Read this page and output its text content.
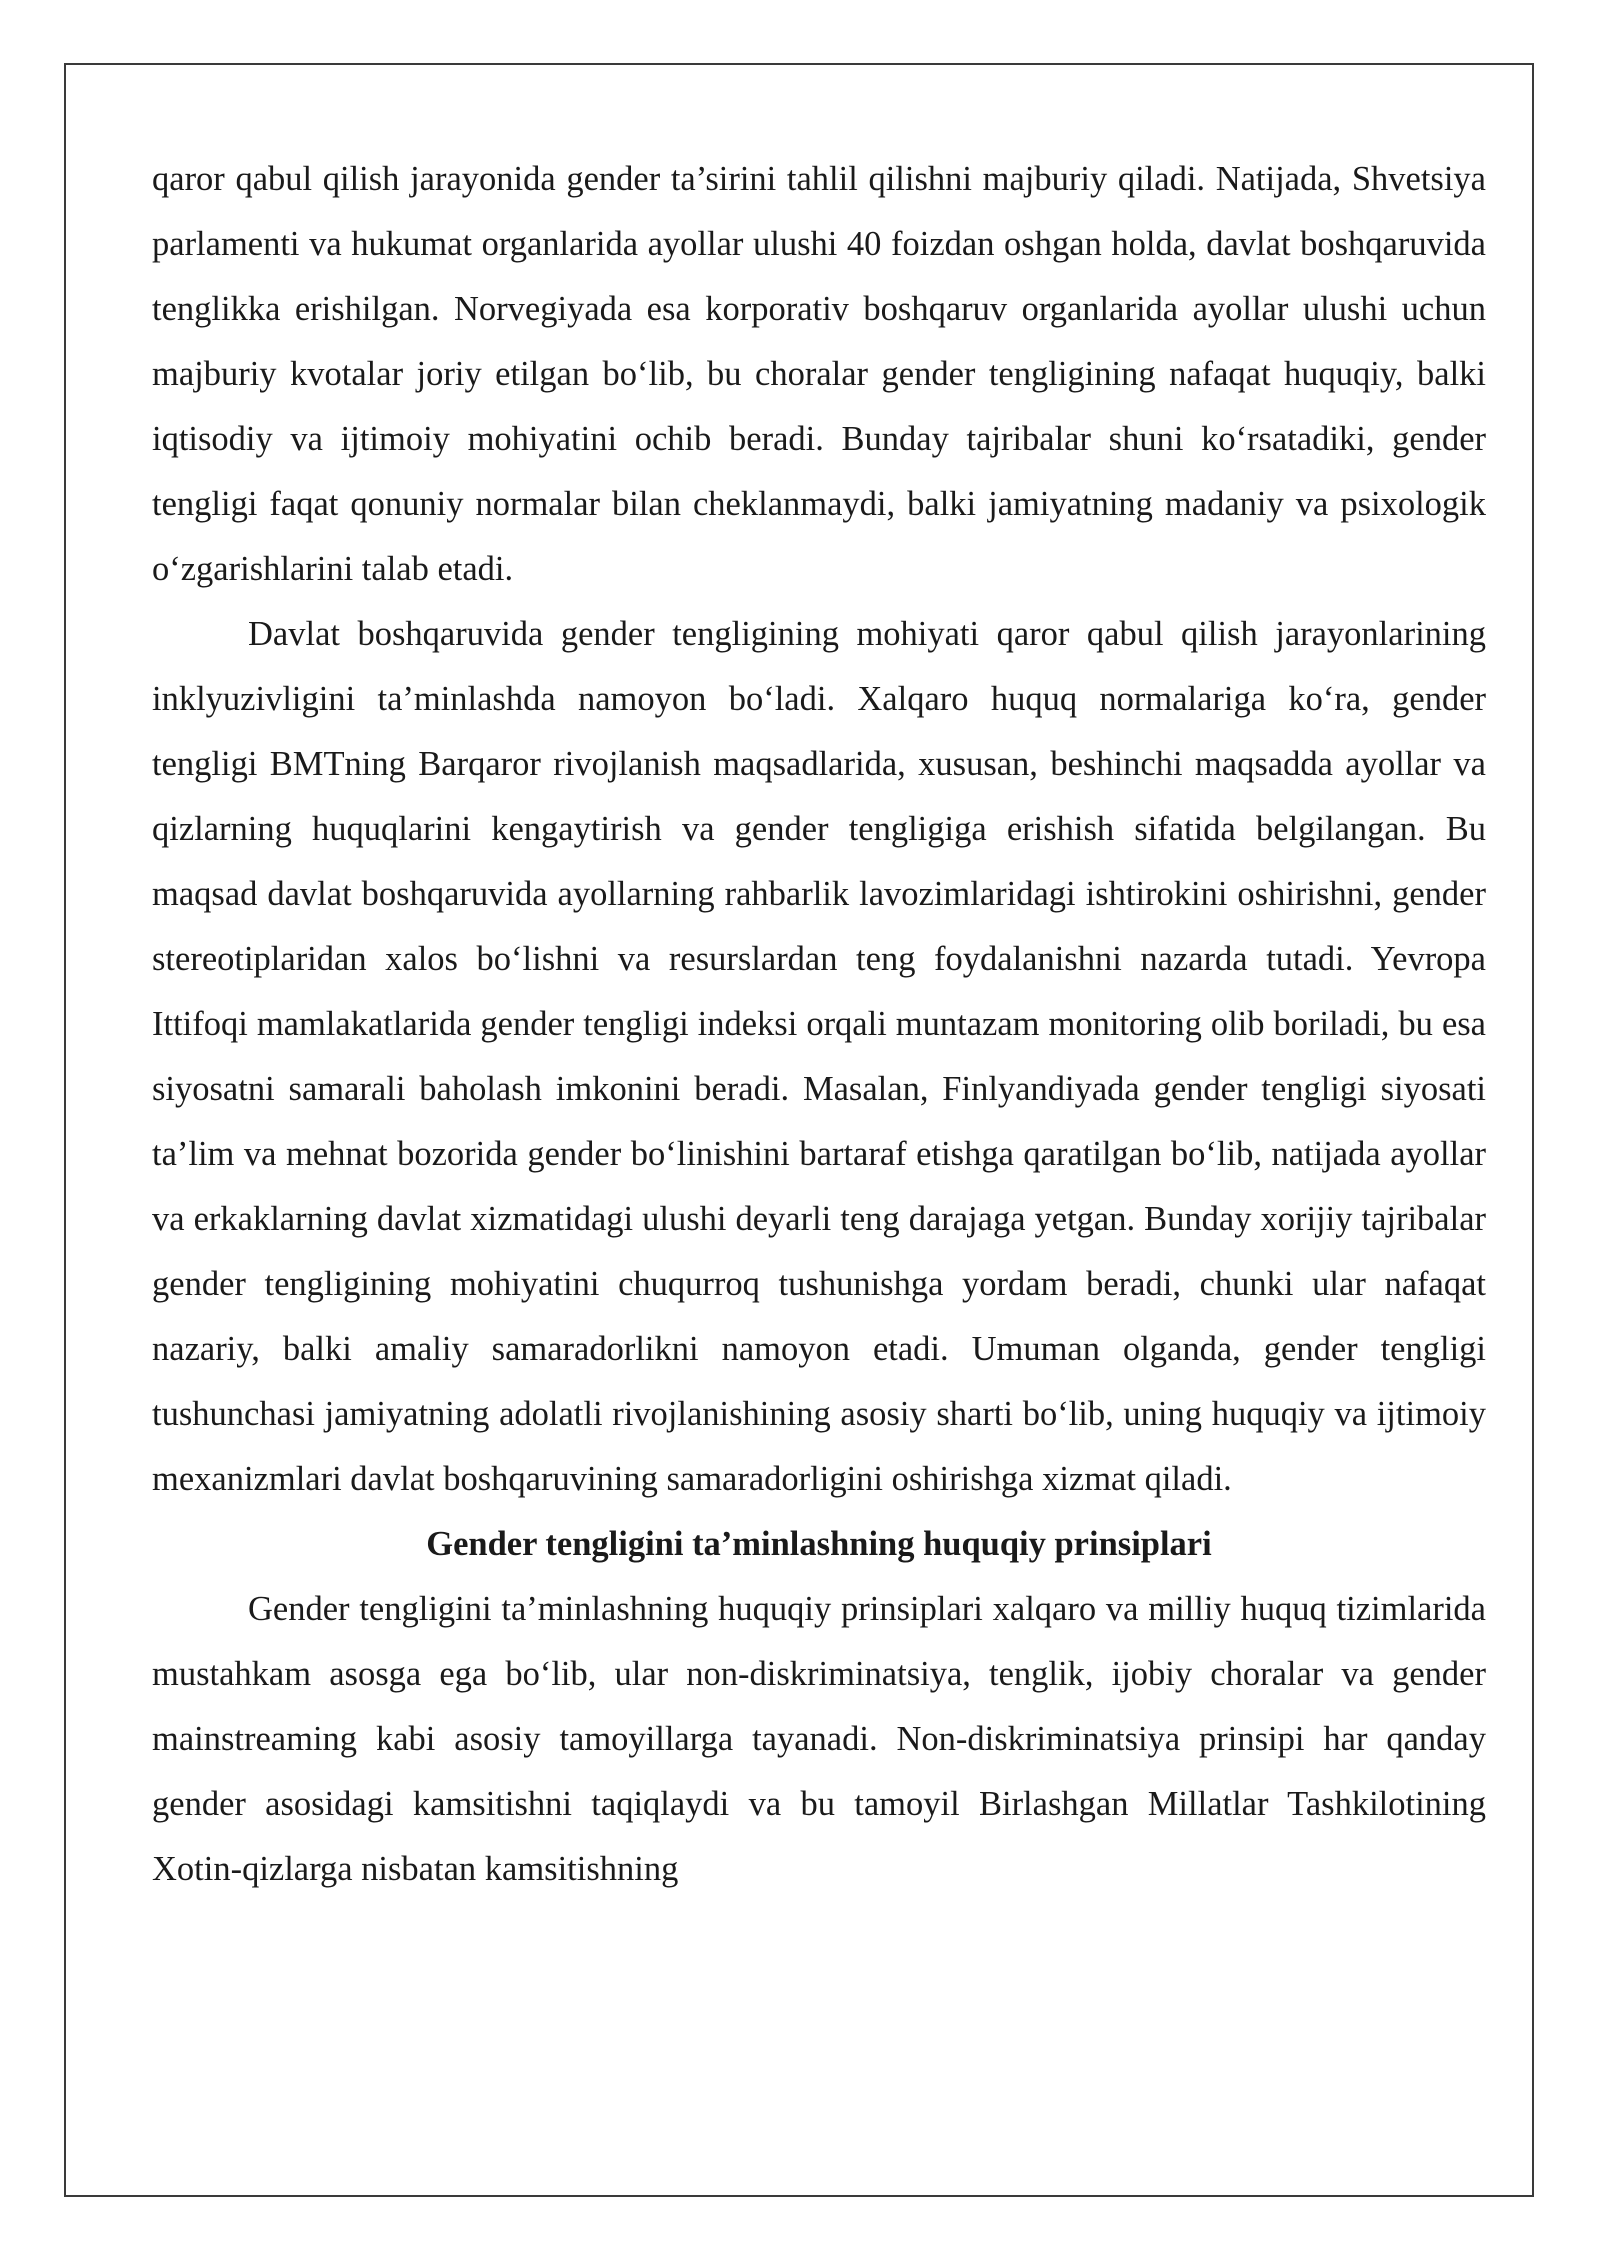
qaror qabul qilish jarayonida gender ta’sirini tahlil qilishni majburiy qiladi. Natijada, Shvetsiya parlamenti va hukumat organlarida ayollar ulushi 40 foizdan oshgan holda, davlat boshqaruvida tenglikka erishilgan. Norvegiyada esa korporativ boshqaruv organlarida ayollar ulushi uchun majburiy kvotalar joriy etilgan bo‘lib, bu choralar gender tengligining nafaqat huquqiy, balki iqtisodiy va ijtimoiy mohiyatini ochib beradi. Bunday tajribalar shuni ko‘rsatadiki, gender tengligi faqat qonuniy normalar bilan cheklanmaydi, balki jamiyatning madaniy va psixologik o‘zgarishlarini talab etadi.

Davlat boshqaruvida gender tengligining mohiyati qaror qabul qilish jarayonlarining inklyuzivligini ta’minlashda namoyon bo‘ladi. Xalqaro huquq normalariga ko‘ra, gender tengligi BMTning Barqaror rivojlanish maqsadlarida, xususan, beshinchi maqsadda ayollar va qizlarning huquqlarini kengaytirish va gender tengligiga erishish sifatida belgilangan. Bu maqsad davlat boshqaruvida ayollarning rahbarlik lavozimlaridagi ishtirokini oshirishni, gender stereotiplaridan xalos bo‘lishni va resurslardan teng foydalanishni nazarda tutadi. Yevropa Ittifoqi mamlakatlarida gender tengligi indeksi orqali muntazam monitoring olib boriladi, bu esa siyosatni samarali baholash imkonini beradi. Masalan, Finlyandiyada gender tengligi siyosati ta’lim va mehnat bozorida gender bo‘linishini bartaraf etishga qaratilgan bo‘lib, natijada ayollar va erkaklarning davlat xizmatidagi ulushi deyarli teng darajaga yetgan. Bunday xorijiy tajribalar gender tengligining mohiyatini chuqurroq tushunishga yordam beradi, chunki ular nafaqat nazariy, balki amaliy samaradorlikni namoyon etadi. Umuman olganda, gender tengligi tushunchasi jamiyatning adolatli rivojlanishining asosiy sharti bo‘lib, uning huquqiy va ijtimoiy mexanizmlari davlat boshqaruvining samaradorligini oshirishga xizmat qiladi.

Gender tengligini ta’minlashning huquqiy prinsiplari

Gender tengligini ta’minlashning huquqiy prinsiplari xalqaro va milliy huquq tizimlarida mustahkam asosga ega bo‘lib, ular non-diskriminatsiya, tenglik, ijobiy choralar va gender mainstreaming kabi asosiy tamoyillarga tayanadi. Non-diskriminatsiya prinsipi har qanday gender asosidagi kamsitishni taqiqlaydi va bu tamoyil Birlashgan Millatlar Tashkilotining Xotin-qizlarga nisbatan kamsitishning
